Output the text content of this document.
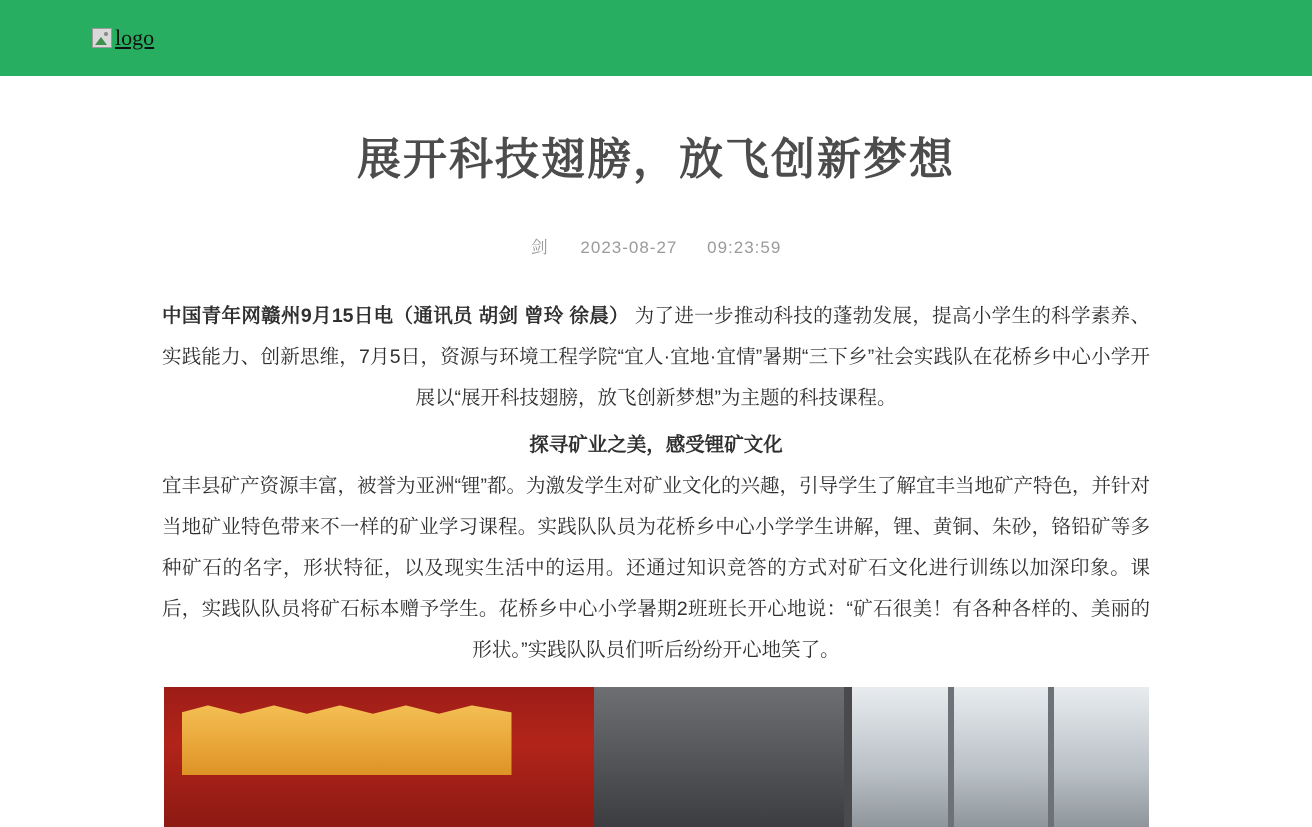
logo
展开科技翅膀，放飞创新梦想
剑 2023-08-27 09:23:59

中国青年网赣州9月15日电（通讯员 胡剑 曾玲 徐晨） 为了进一步推动科技的蓬勃发展，提高小学生的科学素养、实践能力、创新思维，7月5日，资源与环境工程学院“宜人·宜地·宜情”暑期“三下乡”社会实践队在花桥乡中心小学开展以“展开科技翅膀，放飞创新梦想”为主题的科技课程。

探寻矿业之美，感受锂矿文化

宜丰县矿产资源丰富，被誉为亚洲“锂”都。为激发学生对矿业文化的兴趣，引导学生了解宜丰当地矿产特色，并针对当地矿业特色带来不一样的矿业学习课程。实践队队员为花桥乡中心小学学生讲解，锂、黄铜、朱砂，铬铅矿等多种矿石的名字，形状特征，以及现实生活中的运用。还通过知识竞答的方式对矿石文化进行训练以加深印象。课后，实践队队员将矿石标本赠予学生。花桥乡中心小学暑期2班班长开心地说：“矿石很美！有各种各样的、美丽的形状。”实践队队员们听后纷纷开心地笑了。
